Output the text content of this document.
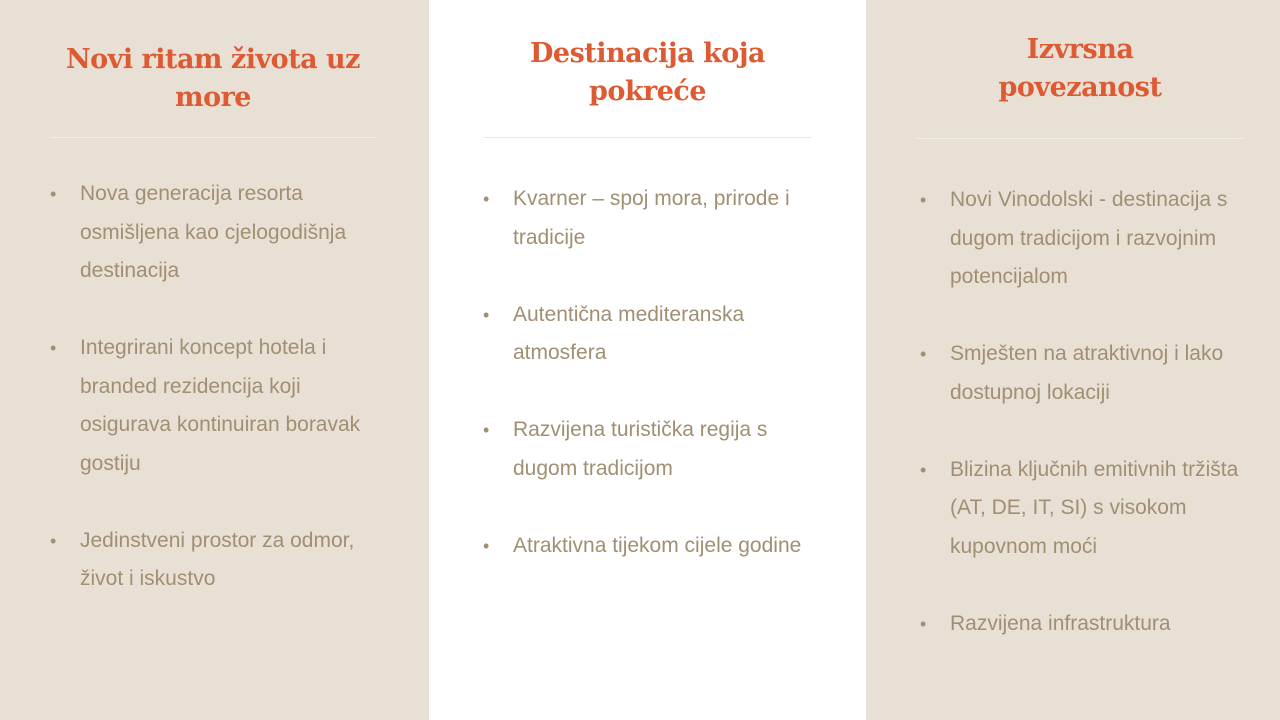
Novi ritam života uz
more
• Nova generacija resorta osmišljena kao cjelogodišnja destinacija
• Integrirani koncept hotela i branded rezidencija koji osigurava kontinuiran boravak gostiju
• Jedinstveni prostor za odmor, život i iskustvo
Destinacija koja
pokreće
• Kvarner – spoj mora, prirode i tradicije
• Autentična mediteranska atmosfera
• Razvijena turistička regija s dugom tradicijom
• Atraktivna tijekom cijele godine
Izvrsna
povezanost
• Novi Vinodolski - destinacija s dugom tradicijom i razvojnim potencijalom
• Smješten na atraktivnoj i lako dostupnoj lokaciji
• Blizina ključnih emitivnih tržišta (AT, DE, IT, SI) s visokom kupovnom moći
• Razvijena infrastruktura
